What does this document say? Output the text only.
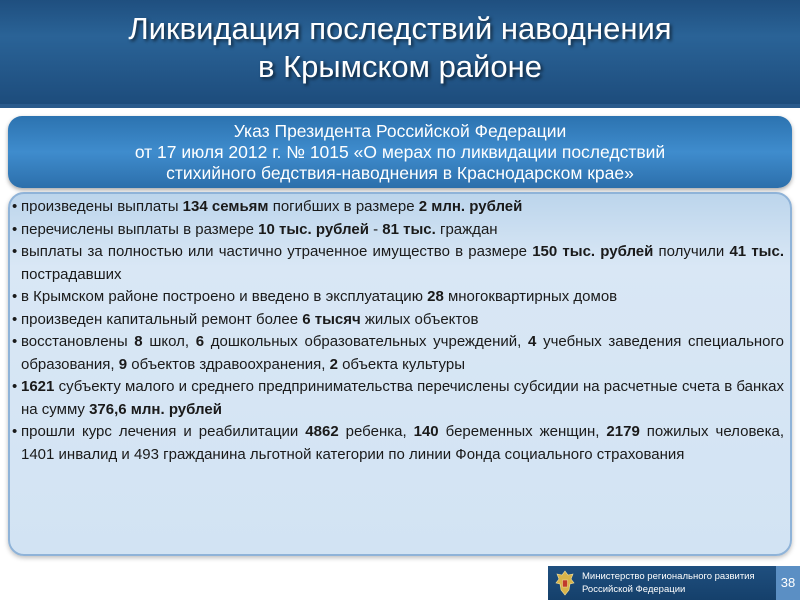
Ликвидация последствий наводнения
в Крымском районе
Указ Президента Российской Федерации
от 17 июля 2012 г. № 1015 «О мерах по ликвидации последствий
стихийного бедствия-наводнения в Краснодарском крае»
• произведены выплаты 134 семьям погибших в размере 2 млн. рублей
• перечислены выплаты в размере 10 тыс. рублей - 81 тыс. граждан
• выплаты за полностью или частично утраченное имущество в размере 150 тыс. рублей получили 41 тыс. пострадавших
• в Крымском районе построено и введено в эксплуатацию 28 многоквартирных домов
• произведен капитальный ремонт более 6 тысяч жилых объектов
• восстановлены 8 школ, 6 дошкольных образовательных учреждений, 4 учебных заведения специального образования, 9 объектов здравоохранения, 2 объекта культуры
• 1621 субъекту малого и среднего предпринимательства перечислены субсидии на расчетные счета в банках на сумму 376,6 млн. рублей
• прошли курс лечения и реабилитации 4862 ребенка, 140 беременных женщин, 2179 пожилых человека, 1401 инвалид и 493 гражданина льготной категории по линии Фонда социального страхования
Министерство регионального развития
Российской Федерации	38
